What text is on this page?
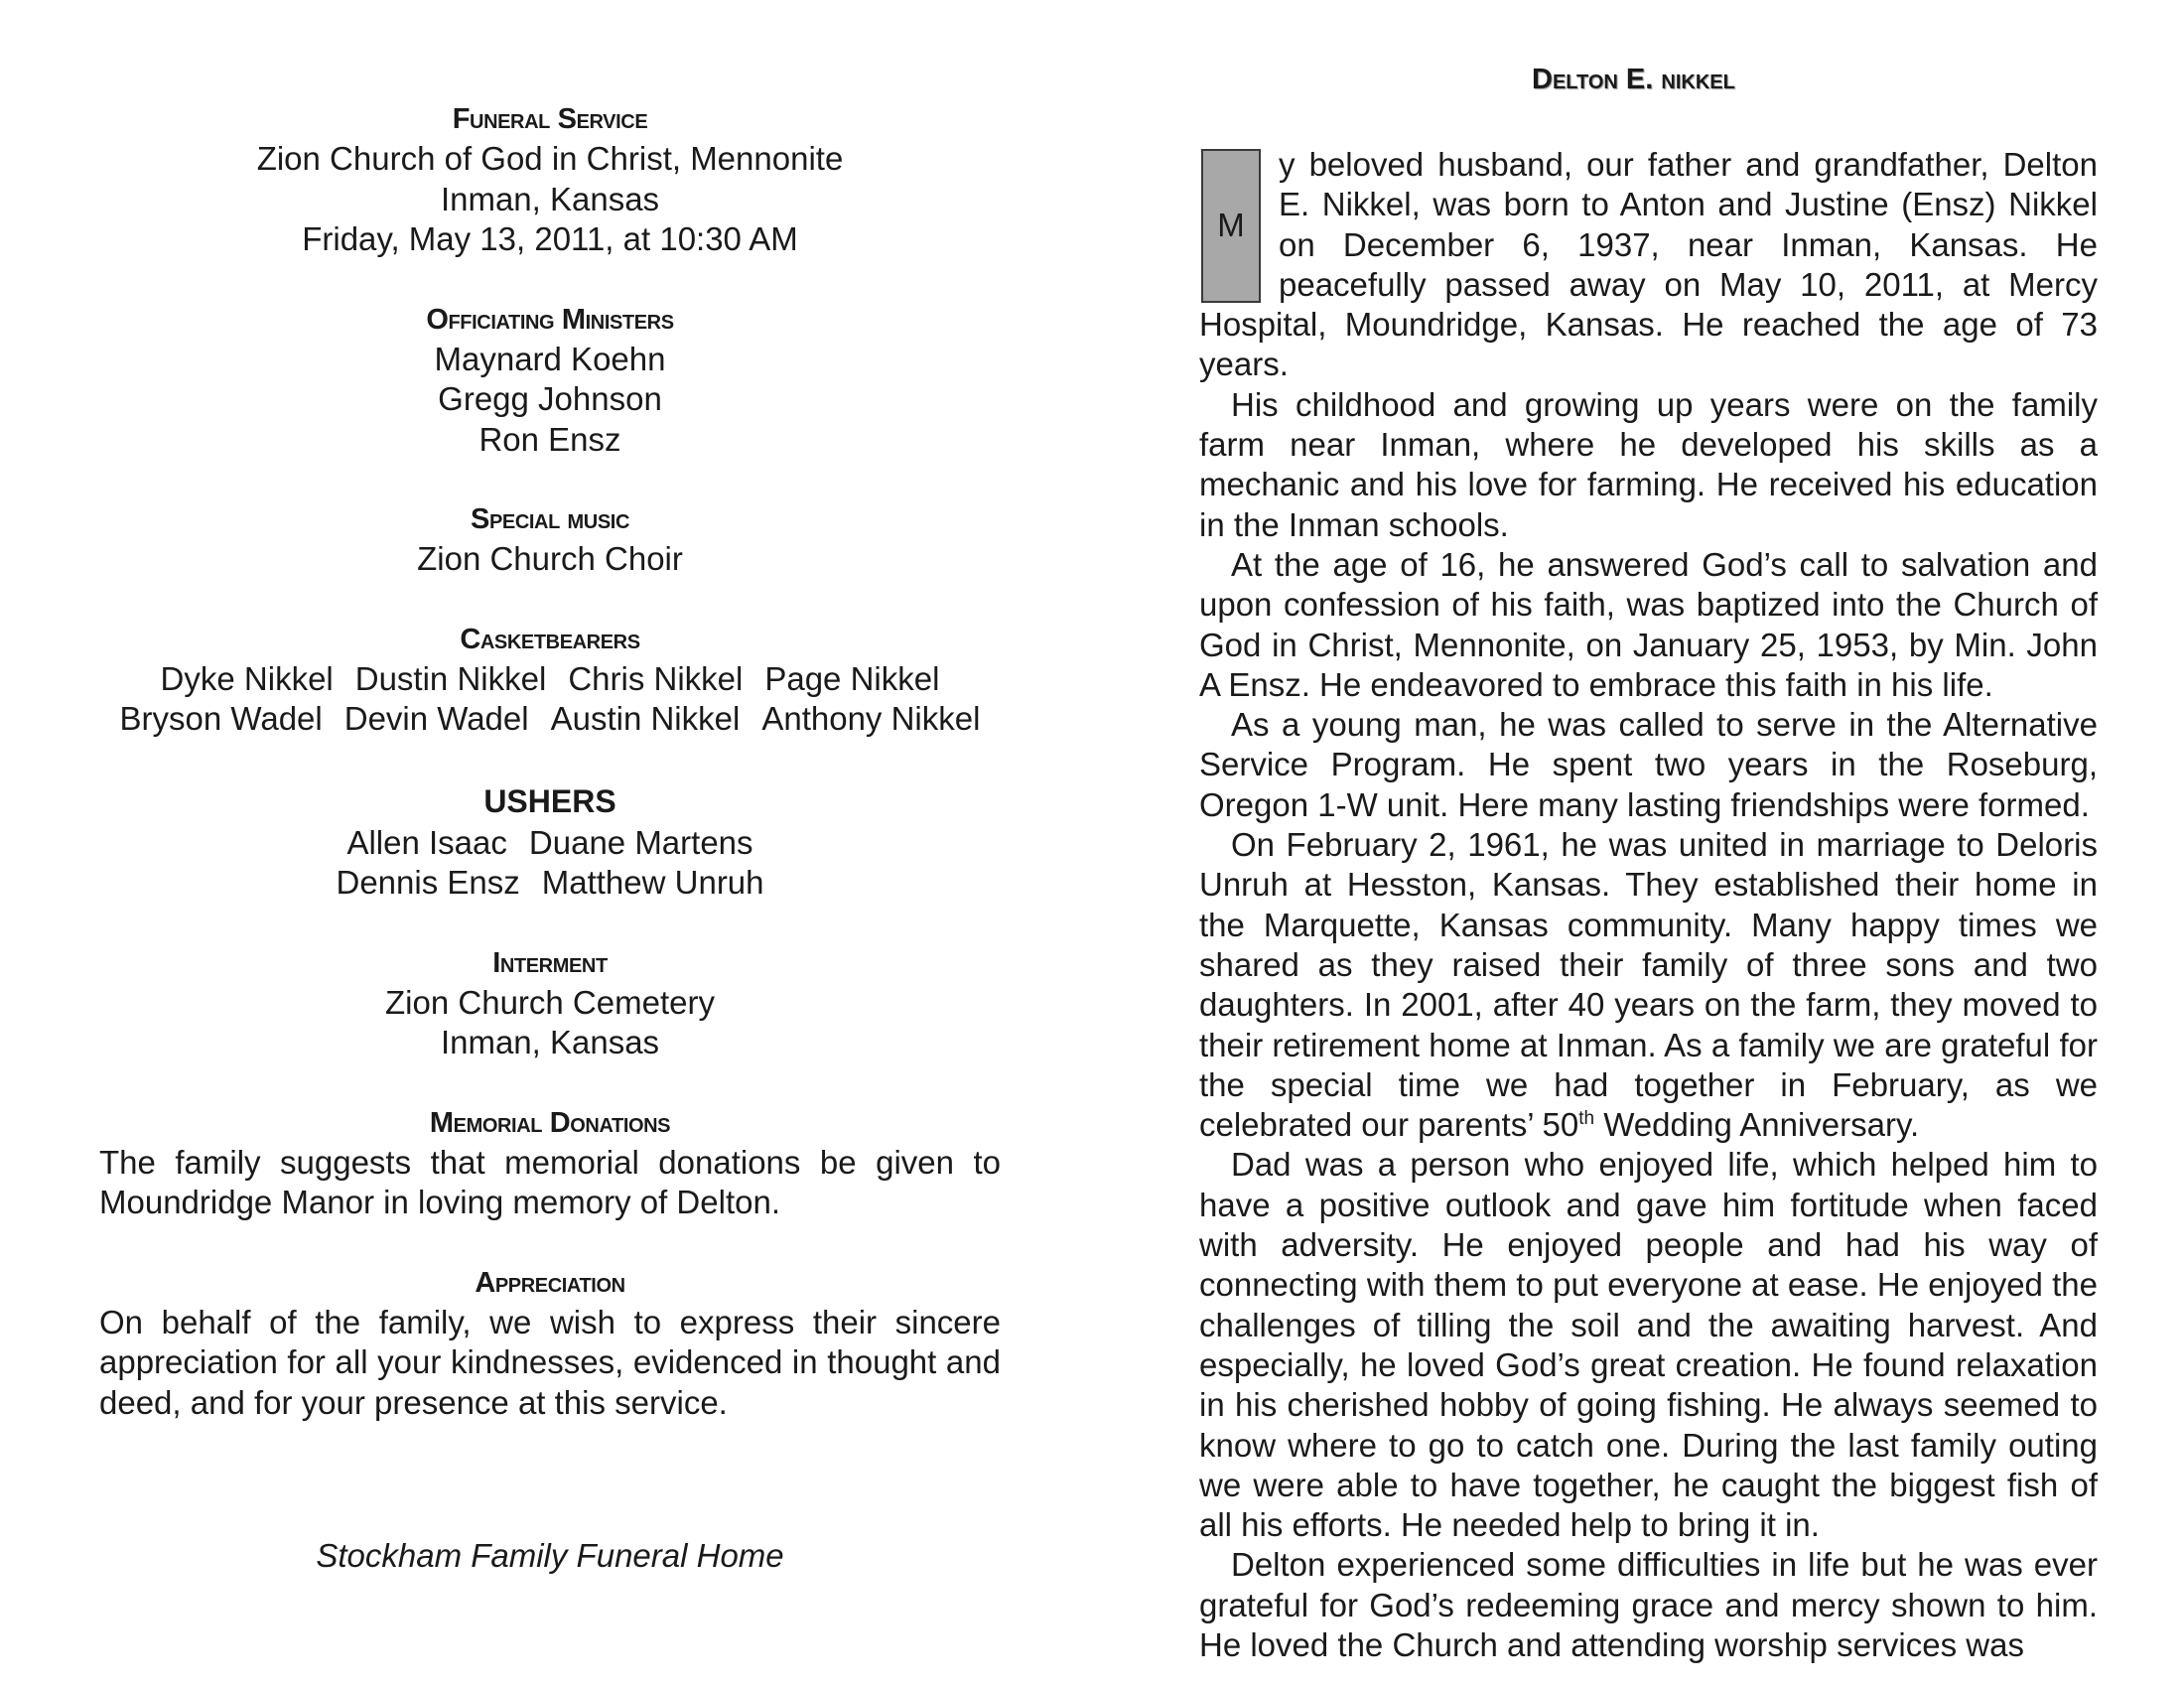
Funeral Service
Zion Church of God in Christ, Mennonite
Inman, Kansas
Friday, May 13, 2011, at 10:30 AM
Officiating Ministers
Maynard Koehn
Gregg Johnson
Ron Ensz
Special music
Zion Church Choir
Casketbearers
Dyke Nikkel Dustin Nikkel Chris Nikkel Page Nikkel
Bryson Wadel Devin Wadel Austin Nikkel Anthony Nikkel
USHERS
Allen Isaac Duane Martens
Dennis Ensz Matthew Unruh
Interment
Zion Church Cemetery
Inman, Kansas
Memorial Donations
The family suggests that memorial donations be given to Moundridge Manor in loving memory of Delton.
Appreciation
On behalf of the family, we wish to express their sincere appreciation for all your kindnesses, evidenced in thought and deed, and for your presence at this service.
Stockham Family Funeral Home
Delton E. nikkel

M
y beloved husband, our father and grandfather, Delton E. Nikkel, was born to Anton and Justine (Ensz) Nikkel on December 6, 1937, near Inman, Kansas. He peacefully passed away on May 10, 2011, at Mercy Hospital, Moundridge, Kansas. He reached the age of 73 years.

His childhood and growing up years were on the family farm near Inman, where he developed his skills as a mechanic and his love for farming. He received his education in the Inman schools.

At the age of 16, he answered God’s call to salvation and upon confession of his faith, was baptized into the Church of God in Christ, Mennonite, on January 25, 1953, by Min. John A Ensz. He endeavored to embrace this faith in his life.

As a young man, he was called to serve in the Alternative Service Program. He spent two years in the Roseburg, Oregon 1-W unit. Here many lasting friendships were formed.

On February 2, 1961, he was united in marriage to Deloris Unruh at Hesston, Kansas. They established their home in the Marquette, Kansas community. Many happy times we shared as they raised their family of three sons and two daughters. In 2001, after 40 years on the farm, they moved to their retirement home at Inman. As a family we are grateful for the special time we had together in February, as we celebrated our parents’ 50th Wedding Anniversary.

Dad was a person who enjoyed life, which helped him to have a positive outlook and gave him fortitude when faced with adversity. He enjoyed people and had his way of connecting with them to put everyone at ease. He enjoyed the challenges of tilling the soil and the awaiting harvest. And especially, he loved God’s great creation. He found relaxation in his cherished hobby of going fishing. He always seemed to know where to go to catch one. During the last family outing we were able to have together, he caught the biggest fish of all his efforts. He needed help to bring it in.

Delton experienced some difficulties in life but he was ever grateful for God’s redeeming grace and mercy shown to him. He loved the Church and attending worship services was
